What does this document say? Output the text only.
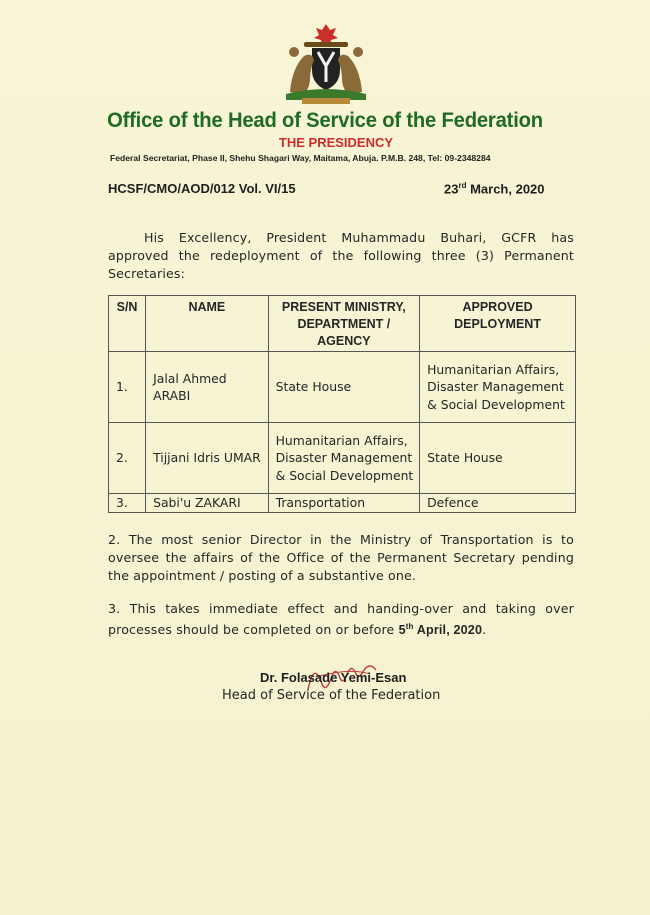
Office of the Head of Service of the Federation
THE PRESIDENCY
Federal Secretariat, Phase II, Shehu Shagari Way, Maitama, Abuja. P.M.B. 248, Tel: 09-2348284
HCSF/CMO/AOD/012 Vol. VI/15	23rd March, 2020
His Excellency, President Muhammadu Buhari, GCFR has approved the redeployment of the following three (3) Permanent Secretaries:
S/N	NAME	PRESENT MINISTRY, DEPARTMENT / AGENCY	APPROVED DEPLOYMENT
1.	Jalal Ahmed ARABI	State House	Humanitarian Affairs, Disaster Management & Social Development
2.	Tijjani Idris UMAR	Humanitarian Affairs, Disaster Management & Social Development	State House
3.	Sabi'u ZAKARI	Transportation	Defence
2. The most senior Director in the Ministry of Transportation is to oversee the affairs of the Office of the Permanent Secretary pending the appointment / posting of a substantive one.
3. This takes immediate effect and handing-over and taking over processes should be completed on or before 5th April, 2020.
Dr. Folasade Yemi-Esan
Head of Service of the Federation
